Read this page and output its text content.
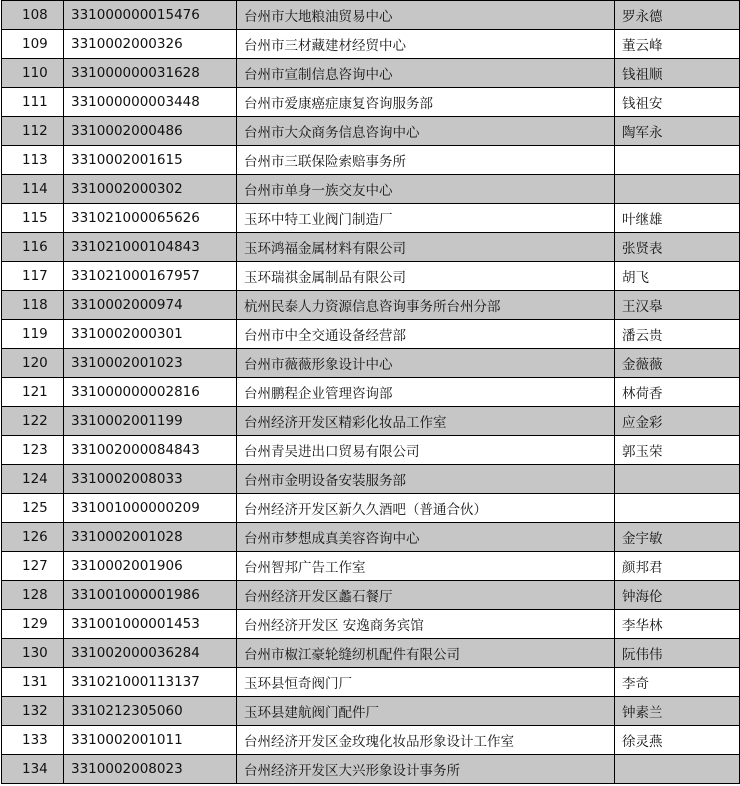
108	331000000015476	台州市大地粮油贸易中心	罗永德
109	3310002000326	台州市三材藏建材经贸中心	董云峰
110	331000000031628	台州市宣制信息咨询中心	钱祖顺
111	331000000003448	台州市爱康癌症康复咨询服务部	钱祖安
112	3310002000486	台州市大众商务信息咨询中心	陶军永
113	3310002001615	台州市三联保险索赔事务所	
114	3310002000302	台州市单身一族交友中心	
115	331021000065626	玉环中特工业阀门制造厂	叶继雄
116	331021000104843	玉环鸿福金属材料有限公司	张贤表
117	331021000167957	玉环瑞祺金属制品有限公司	胡飞
118	3310002000974	杭州民泰人力资源信息咨询事务所台州分部	王汉皋
119	3310002000301	台州市中全交通设备经营部	潘云贵
120	3310002001023	台州市薇薇形象设计中心	金薇薇
121	331000000002816	台州鹏程企业管理咨询部	林荷香
122	3310002001199	台州经济开发区精彩化妆品工作室	应金彩
123	331002000084843	台州青吴进出口贸易有限公司	郭玉荣
124	3310002008033	台州市金明设备安装服务部	
125	331001000000209	台州经济开发区新久久酒吧（普通合伙）	
126	3310002001028	台州市梦想成真美容咨询中心	金宇敏
127	3310002001906	台州智邦广告工作室	颜邦君
128	331001000001986	台州经济开发区蠡石餐厅	钟海伦
129	331001000001453	台州经济开发区 安逸商务宾馆	李华林
130	331002000036284	台州市椒江豪轮缝纫机配件有限公司	阮伟伟
131	331021000113137	玉环县恒奇阀门厂	李奇
132	3310212305060	玉环县建航阀门配件厂	钟素兰
133	3310002001011	台州经济开发区金玫瑰化妆品形象设计工作室	徐灵燕
134	3310002008023	台州经济开发区大兴形象设计事务所	
